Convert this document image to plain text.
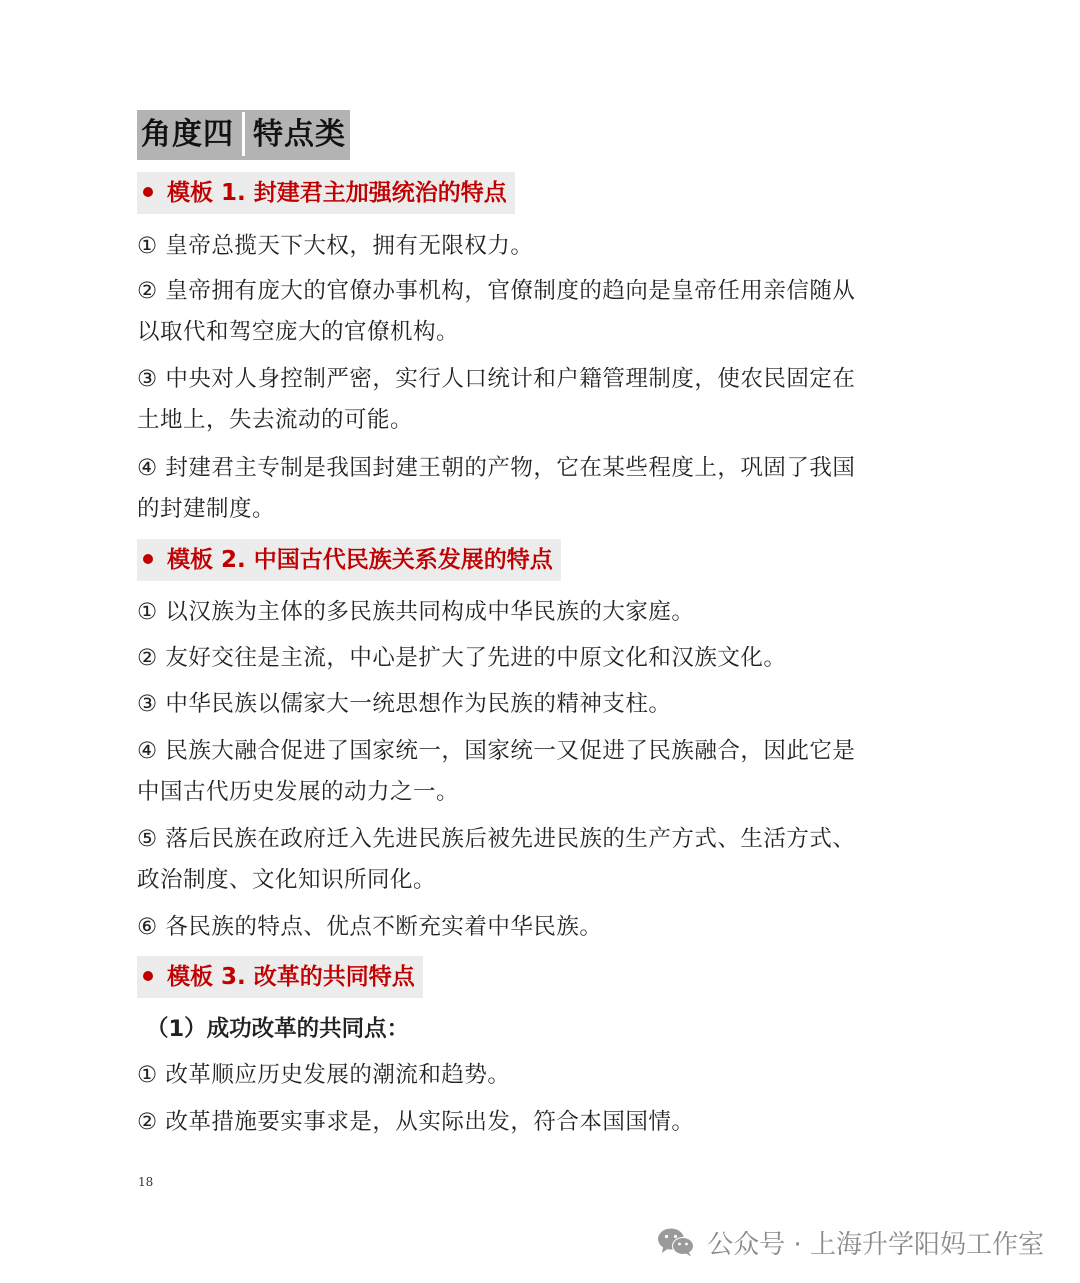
角度四 特点类
模板 1. 封建君主加强统治的特点
① 皇帝总揽天下大权，拥有无限权力。
② 皇帝拥有庞大的官僚办事机构，官僚制度的趋向是皇帝任用亲信随从
以取代和驾空庞大的官僚机构。
③ 中央对人身控制严密，实行人口统计和户籍管理制度，使农民固定在
土地上，失去流动的可能。
④ 封建君主专制是我国封建王朝的产物，它在某些程度上，巩固了我国
的封建制度。
模板 2. 中国古代民族关系发展的特点
① 以汉族为主体的多民族共同构成中华民族的大家庭。
② 友好交往是主流，中心是扩大了先进的中原文化和汉族文化。
③ 中华民族以儒家大一统思想作为民族的精神支柱。
④ 民族大融合促进了国家统一，国家统一又促进了民族融合，因此它是
中国古代历史发展的动力之一。
⑤ 落后民族在政府迁入先进民族后被先进民族的生产方式、生活方式、
政治制度、文化知识所同化。
⑥ 各民族的特点、优点不断充实着中华民族。
模板 3. 改革的共同特点
（1）成功改革的共同点：
① 改革顺应历史发展的潮流和趋势。
② 改革措施要实事求是，从实际出发，符合本国国情。
18
公众号 · 上海升学阳妈工作室
